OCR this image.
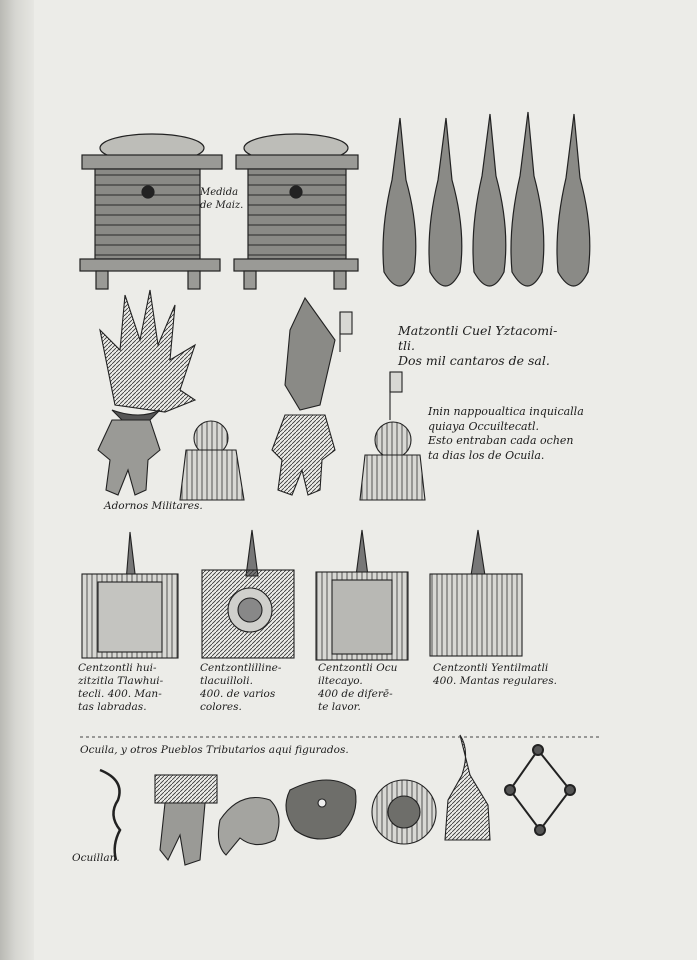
Medida
de Maiz.
Matzontli Cuel Yztacomi-
tli.
Dos mil cantaros de sal.
Inin nappoualtica inquicalla
quiaya Occuiltecatl.
Esto entraban cada ochen
ta dias los de Ocuila.
Adornos Militares.
Centzontli hui-
zitzitla Tlawhui-
tecli. 400. Man-
tas labradas.
Centzontlilline-
tlacuilloli.
400. de varios
colores.
Centzontli Ocu
iltecayo.
400 de diferē-
te lavor.
Centzontli Yentilmatli
400. Mantas regulares.
Ocuila, y otros Pueblos Tributarios aqui figurados.
Ocuillan.
